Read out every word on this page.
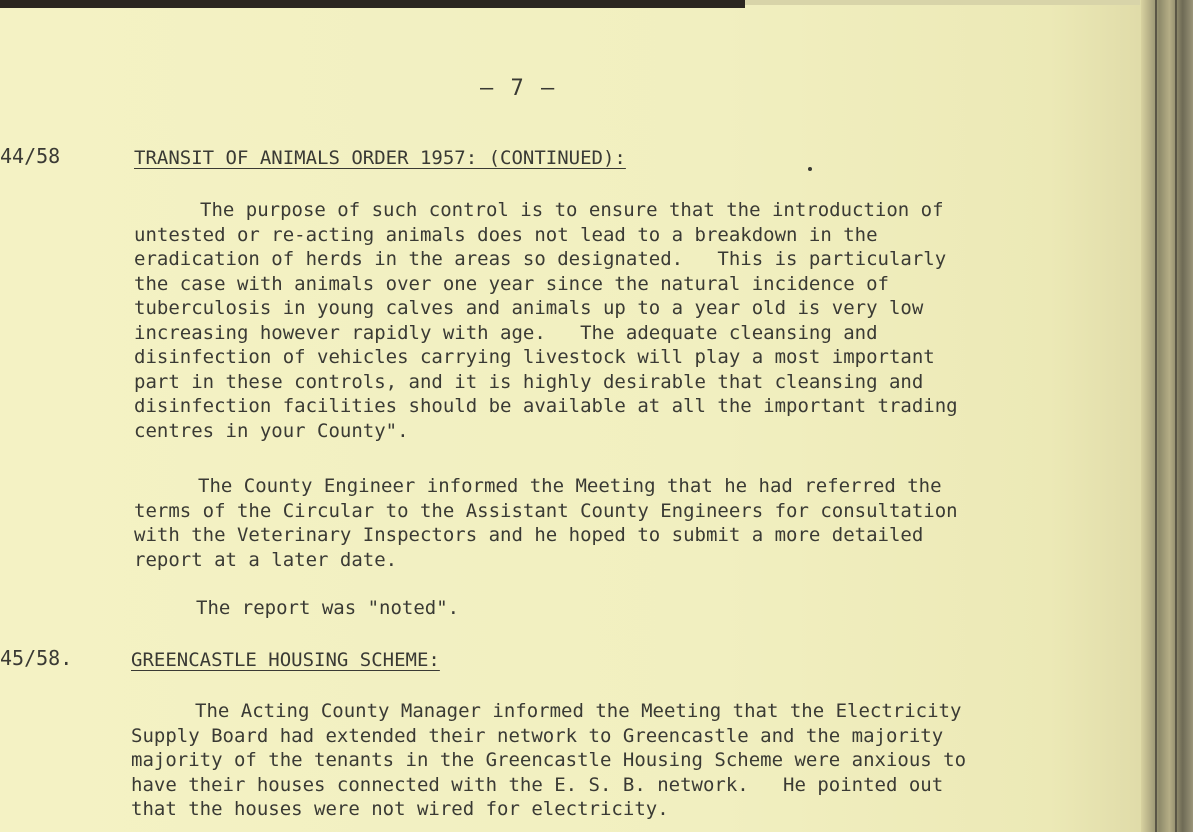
– 7 –
44/58	TRANSIT OF ANIMALS ORDER 1957: (CONTINUED):

The purpose of such control is to ensure that the introduction of
untested or re-acting animals does not lead to a breakdown in the
eradication of herds in the areas so designated.   This is particularly
the case with animals over one year since the natural incidence of
tuberculosis in young calves and animals up to a year old is very low
increasing however rapidly with age.   The adequate cleansing and
disinfection of vehicles carrying livestock will play a most important
part in these controls, and it is highly desirable that cleansing and
disinfection facilities should be available at all the important trading
centres in your County".

The County Engineer informed the Meeting that he had referred the
terms of the Circular to the Assistant County Engineers for consultation
with the Veterinary Inspectors and he hoped to submit a more detailed
report at a later date.

The report was "noted".

45/58.	GREENCASTLE HOUSING SCHEME:

The Acting County Manager informed the Meeting that the Electricity
Supply Board had extended their network to Greencastle and the majority
majority of the tenants in the Greencastle Housing Scheme were anxious to
have their houses connected with the E. S. B. network.   He pointed out
that the houses were not wired for electricity.
